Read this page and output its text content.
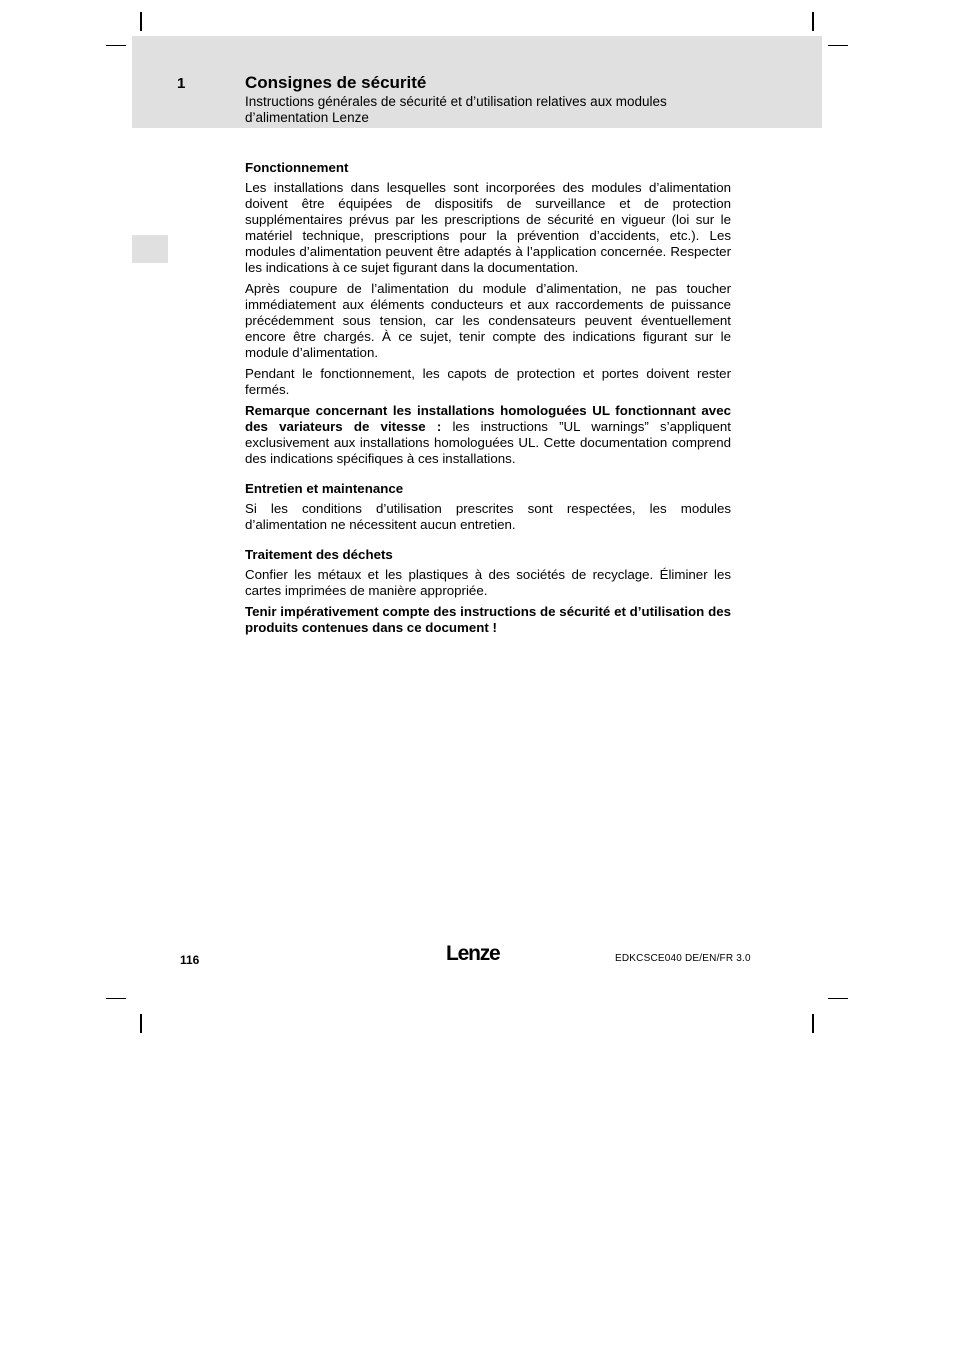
1	Consignes de sécurité
Instructions générales de sécurité et d’utilisation relatives aux modules d’alimentation Lenze
Fonctionnement

Les installations dans lesquelles sont incorporées des modules d’alimentation doivent être équipées de dispositifs de surveillance et de protection supplémentaires prévus par les prescriptions de sécurité en vigueur (loi sur le matériel technique, prescriptions pour la prévention d’accidents, etc.). Les modules d’alimentation peuvent être adaptés à l’application concernée. Respecter les indications à ce sujet figurant dans la documentation.

Après coupure de l’alimentation du module d’alimentation, ne pas toucher immédiatement aux éléments conducteurs et aux raccordements de puissance précédemment sous tension, car les condensateurs peuvent éventuellement encore être chargés. À ce sujet, tenir compte des indications figurant sur le module d’alimentation.

Pendant le fonctionnement, les capots de protection et portes doivent rester fermés.

Remarque concernant les installations homologuées UL fonctionnant avec des variateurs de vitesse : les instructions ”UL warnings” s’appliquent exclusivement aux installations homologuées UL. Cette documentation comprend des indications spécifiques à ces installations.

Entretien et maintenance

Si les conditions d’utilisation prescrites sont respectées, les modules d’alimentation ne nécessitent aucun entretien.

Traitement des déchets

Confier les métaux et les plastiques à des sociétés de recyclage. Éliminer les cartes imprimées de manière appropriée.

Tenir impérativement compte des instructions de sécurité et d’utilisation des produits contenues dans ce document !

116	Lenze	EDKCSCE040 DE/EN/FR 3.0
